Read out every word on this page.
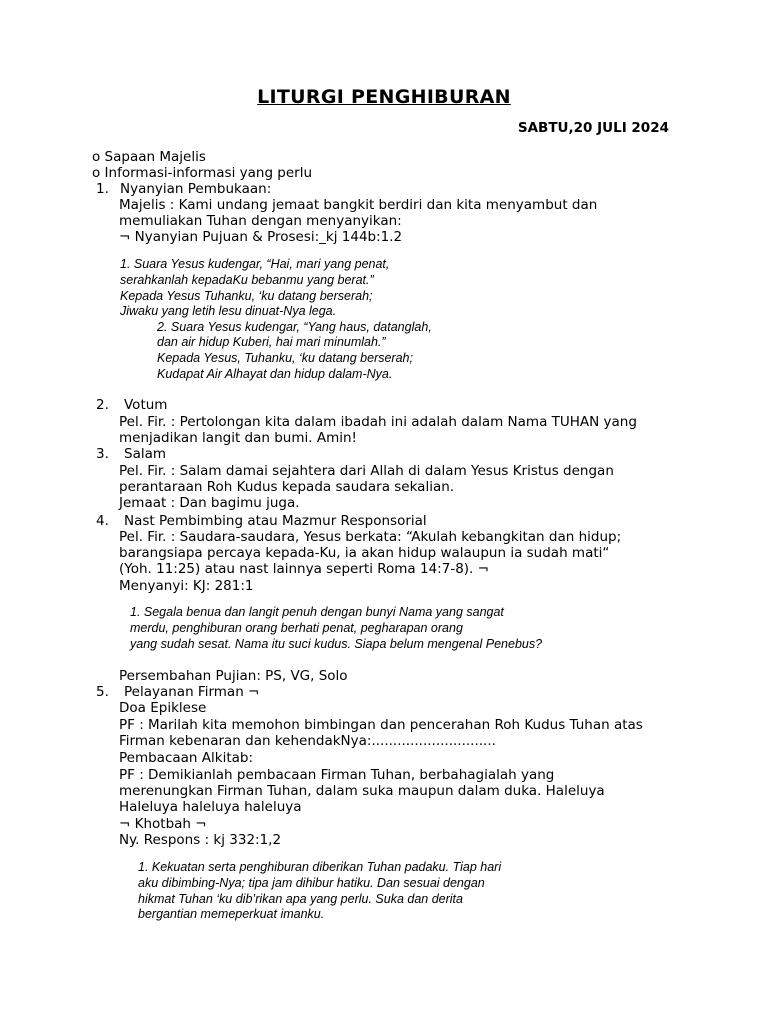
LITURGI PENGHIBURAN
SABTU,20 JULI 2024
o Sapaan Majelis
o Informasi-informasi yang perlu
1. Nyanyian Pembukaan:
Majelis : Kami undang jemaat bangkit berdiri dan kita menyambut dan
memuliakan Tuhan dengan menyanyikan:
¬ Nyanyian Pujuan & Prosesi:_kj 144b:1.2
1. Suara Yesus kudengar, “Hai, mari yang penat,
serahkanlah kepadaKu bebanmu yang berat.”
Kepada Yesus Tuhanku, ‘ku datang berserah;
Jiwaku yang letih lesu dinuat-Nya lega.
2. Suara Yesus kudengar, “Yang haus, datanglah,
dan air hidup Kuberi, hai mari minumlah.”
Kepada Yesus, Tuhanku, ‘ku datang berserah;
Kudapat Air Alhayat dan hidup dalam-Nya.
2. Votum
Pel. Fir. : Pertolongan kita dalam ibadah ini adalah dalam Nama TUHAN yang
menjadikan langit dan bumi. Amin!
3. Salam
Pel. Fir. : Salam damai sejahtera dari Allah di dalam Yesus Kristus dengan
perantaraan Roh Kudus kepada saudara sekalian.
Jemaat : Dan bagimu juga.
4. Nast Pembimbing atau Mazmur Responsorial
Pel. Fir. : Saudara-saudara, Yesus berkata: “Akulah kebangkitan dan hidup;
barangsiapa percaya kepada-Ku, ia akan hidup walaupun ia sudah mati“
(Yoh. 11:25) atau nast lainnya seperti Roma 14:7-8). ¬
Menyanyi: KJ: 281:1
1. Segala benua dan langit penuh dengan bunyi Nama yang sangat
merdu, penghiburan orang berhati penat, pegharapan orang
yang sudah sesat. Nama itu suci kudus. Siapa belum mengenal Penebus?
Persembahan Pujian: PS, VG, Solo
5. Pelayanan Firman ¬
Doa Epiklese
PF : Marilah kita memohon bimbingan dan pencerahan Roh Kudus Tuhan atas
Firman kebenaran dan kehendakNya:.............................
Pembacaan Alkitab:
PF : Demikianlah pembacaan Firman Tuhan, berbahagialah yang
merenungkan Firman Tuhan, dalam suka maupun dalam duka. Haleluya
Haleluya haleluya haleluya
¬ Khotbah ¬
Ny. Respons : kj 332:1,2
1. Kekuatan serta penghiburan diberikan Tuhan padaku. Tiap hari
aku dibimbing-Nya; tipa jam dihibur hatiku. Dan sesuai dengan
hikmat Tuhan ‘ku dib’rikan apa yang perlu. Suka dan derita
bergantian memeperkuat imanku.
